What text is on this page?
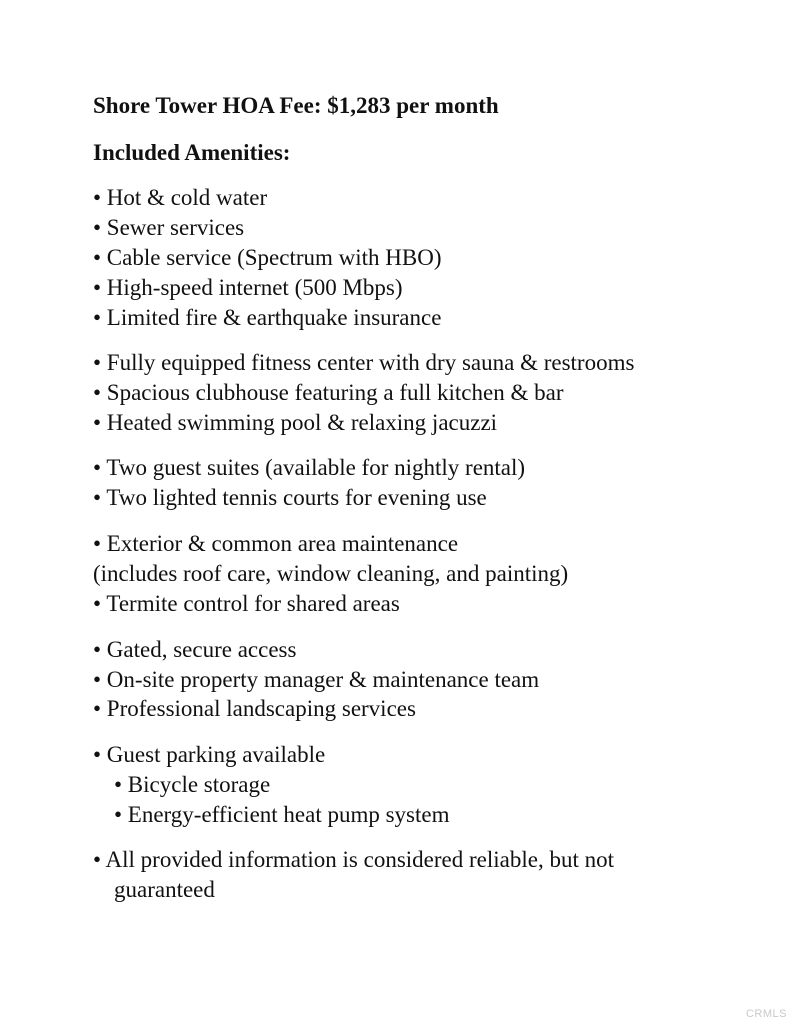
Shore Tower HOA Fee: $1,283 per month
Included Amenities:
• Hot & cold water
• Sewer services
• Cable service (Spectrum with HBO)
• High-speed internet (500 Mbps)
• Limited fire & earthquake insurance
• Fully equipped fitness center with dry sauna & restrooms
• Spacious clubhouse featuring a full kitchen & bar
• Heated swimming pool & relaxing jacuzzi
• Two guest suites (available for nightly rental)
• Two lighted tennis courts for evening use
• Exterior & common area maintenance
(includes roof care, window cleaning, and painting)
• Termite control for shared areas
• Gated, secure access
• On-site property manager & maintenance team
• Professional landscaping services
• Guest parking available
• Bicycle storage
• Energy-efficient heat pump system
• All provided information is considered reliable, but not
guaranteed
CRMLS
